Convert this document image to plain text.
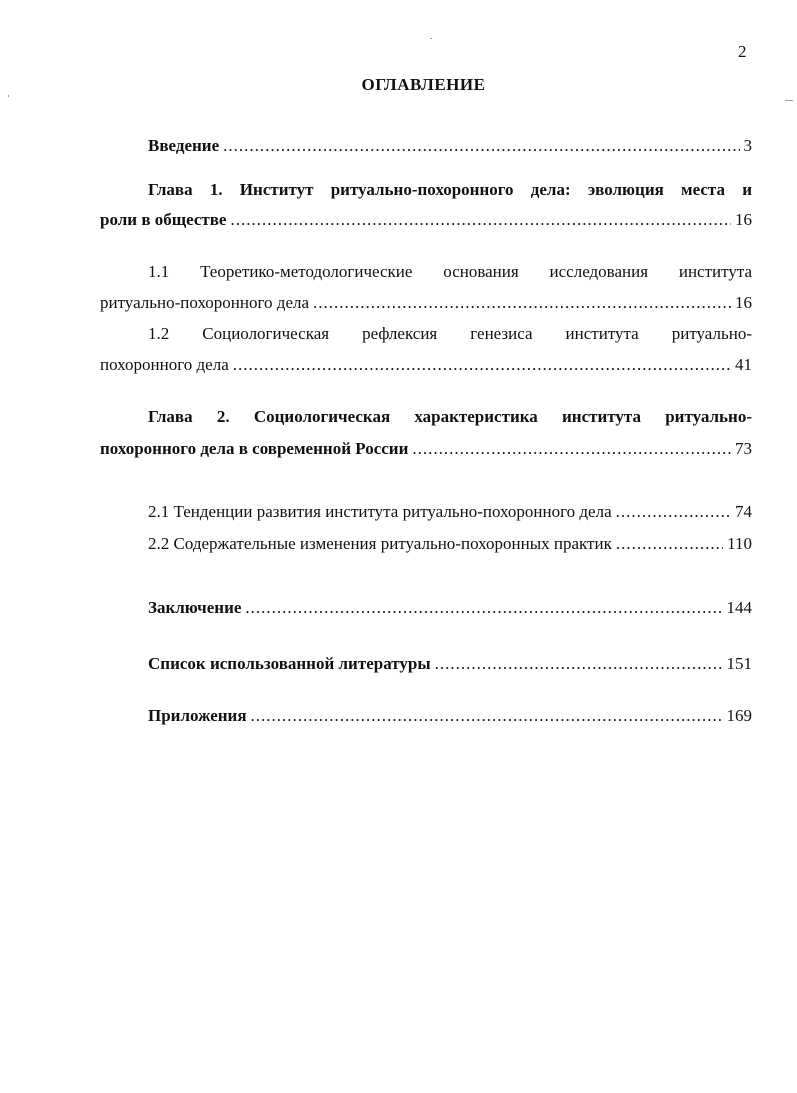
2
ОГЛАВЛЕНИЕ
Введение .....	3
Глава 1. Институт ритуально-похоронного дела: эволюция места и
роли в обществе .....	16
1.1 Теоретико-методологические основания исследования института
ритуально-похоронного дела .....	16
1.2 Социологическая рефлексия генезиса института ритуально-
похоронного дела .....	41
Глава 2. Социологическая характеристика института ритуально-
похоронного дела в современной России .....	73
2.1 Тенденции развития института ритуально-похоронного дела .....	74
2.2 Содержательные изменения ритуально-похоронных практик .....	110
Заключение .....	144
Список использованной литературы .....	151
Приложения .....	169
